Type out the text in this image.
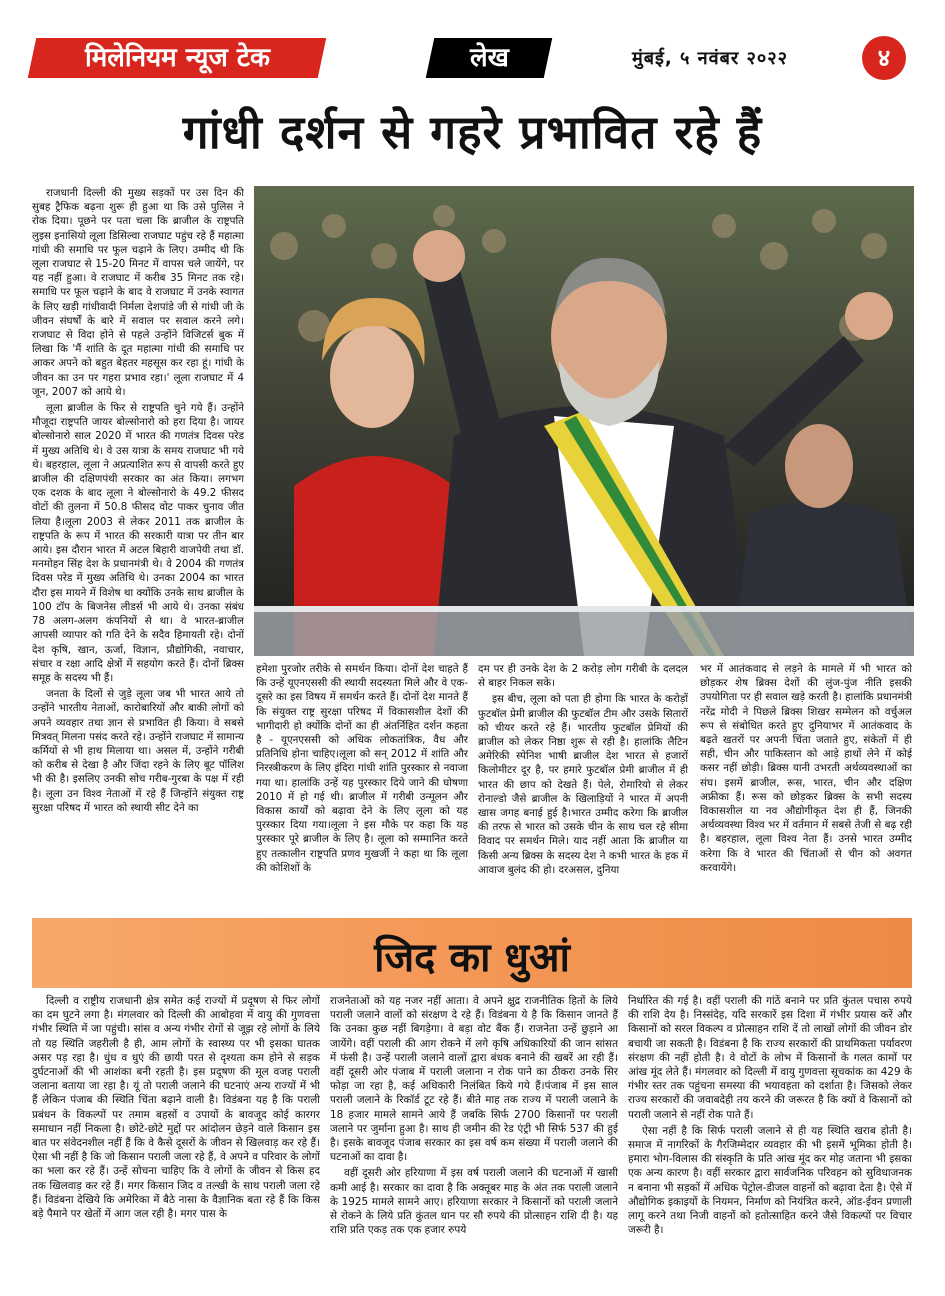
मिलेनियम न्यूज टेक	लेख	मुंबई, ५ नवंबर २०२२	४
गांधी दर्शन से गहरे प्रभावित रहे हैं

राजधानी दिल्ली की मुख्य सड़कों पर उस दिन की सुबह ट्रैफिक बढ़ना शुरू ही हुआ था कि उसे पुलिस ने रोक दिया। पूछने पर पता चला कि ब्राजील के राष्ट्रपति लुइस इनासियो लूला डिसिल्वा राजघाट पहुंच रहे हैं महात्मा गांधी की समाधि पर फूल चढ़ाने के लिए। उम्मीद थी कि लूला राजघाट से 15-20 मिनट में वापस चले जायेंगे, पर यह नहीं हुआ। वे राजघाट में करीब 35 मिनट तक रहे। समाधि पर फूल चढ़ाने के बाद वे राजघाट में उनके स्वागत के लिए खड़ी गांधीवादी निर्मला देशपांडे जी से गांधी जी के जीवन संघर्षों के बारे में सवाल पर सवाल करने लगे। राजघाट से विदा होने से पहले उन्होंने विजिटर्स बुक में लिखा कि 'मैं शांति के दूत महात्मा गांधी की समाधि पर आकर अपने को बहुत बेहतर महसूस कर रहा हूं। गांधी के जीवन का उन पर गहरा प्रभाव रहा।' लूला राजघाट में 4 जून, 2007 को आये थे।

लूला ब्राजील के फिर से राष्ट्रपति चुने गये हैं। उन्होंने मौजूदा राष्ट्रपति जायर बोल्सोनारो को हरा दिया है। जायर बोल्सोनारो साल 2020 में भारत की गणतंत्र दिवस परेड में मुख्य अतिथि थे। वे उस यात्रा के समय राजघाट भी गये थे। बहरहाल, लूला ने अप्रत्याशित रूप से वापसी करते हुए ब्राजील की दक्षिणपंथी सरकार का अंत किया। लगभग एक दशक के बाद लूला ने बोल्सोनारो के 49.2 फीसद वोटों की तुलना में 50.8 फीसद वोट पाकर चुनाव जीत लिया है।लूला 2003 से लेकर 2011 तक ब्राजील के राष्ट्रपति के रूप में भारत की सरकारी यात्रा पर तीन बार आये। इस दौरान भारत में अटल बिहारी वाजपेयी तथा डॉ. मनमोहन सिंह देश के प्रधानमंत्री थे। वे 2004 की गणतंत्र दिवस परेड में मुख्य अतिथि थे। उनका 2004 का भारत दौरा इस मायने में विशेष था क्योंकि उनके साथ ब्राजील के 100 टॉप के बिजनेस लीडर्स भी आये थे। उनका संबंध 78 अलग-अलग कंपनियों से था। वे भारत-ब्राजील आपसी व्यापार को गति देने के सदैव हिमायती रहे। दोनों देश कृषि, खान, ऊर्जा, विज्ञान, प्रौद्योगिकी, नवाचार, संचार व रक्षा आदि क्षेत्रों में सहयोग करते हैं। दोनों ब्रिक्स समूह के सदस्य भी हैं।

जनता के दिलों से जुड़े लूला जब भी भारत आये तो उन्होंने भारतीय नेताओं, कारोबारियों और बाकी लोगों को अपने व्यवहार तथा ज्ञान से प्रभावित ही किया। वे सबसे मित्रवत् मिलना पसंद करते रहे। उन्होंने राजघाट में सामान्य कर्मियों से भी हाथ मिलाया था। असल में, उन्होंने गरीबी को करीब से देखा है और जिंदा रहने के लिए बूट पॉलिश भी की है। इसलिए उनकी सोच गरीब-गुरबा के पक्ष में रही है। लूला उन विश्व नेताओं में रहे हैं जिन्होंने संयुक्त राष्ट्र सुरक्षा परिषद में भारत को स्थायी सीट देने का

हमेशा पुरजोर तरीके से समर्थन किया। दोनों देश चाहते हैं कि उन्हें यूएनएससी की स्थायी सदस्यता मिले और वे एक-दूसरे का इस विषय में समर्थन करते हैं। दोनों देश मानते हैं कि संयुक्त राष्ट्र सुरक्षा परिषद में विकासशील देशों की भागीदारी हो क्योंकि दोनों का ही अंतर्निहित दर्शन कहता है - यूएनएससी को अधिक लोकतांत्रिक, वैध और प्रतिनिधि होना चाहिए।लूला को सन् 2012 में शांति और निरस्त्रीकरण के लिए इंदिरा गांधी शांति पुरस्कार से नवाजा गया था। हालांकि उन्हें यह पुरस्कार दिये जाने की घोषणा 2010 में हो गई थी। ब्राजील में गरीबी उन्मूलन और विकास कार्यों को बढ़ावा देने के लिए लूला को यह पुरस्कार दिया गया।लूला ने इस मौके पर कहा कि यह पुरस्कार पूरे ब्राजील के लिए है। लूला को सम्मानित करते हुए तत्कालीन राष्ट्रपति प्रणव मुखर्जी ने कहा था कि लूला की कोशिशों के

दम पर ही उनके देश के 2 करोड़ लोग गरीबी के दलदल से बाहर निकल सके।

इस बीच, लूला को पता ही होगा कि भारत के करोड़ों फुटबॉल प्रेमी ब्राजील की फुटबॉल टीम और उसके सितारों को चीयर करते रहे हैं। भारतीय फुटबॉल प्रेमियों की ब्राजील को लेकर निष्ठा शुरू से रही है। हालांकि लैटिन अमेरिकी स्पेनिश भाषी ब्राजील देश भारत से हजारों किलोमीटर दूर है, पर हमारे फुटबॉल प्रेमी ब्राजील में ही भारत की छाप को देखते हैं। पेले, रोमारियो से लेकर रोनाल्डो जैसे ब्राजील के खिलाड़ियों ने भारत में अपनी खास जगह बनाई हुई है।भारत उम्मीद करेगा कि ब्राजील की तरफ से भारत को उसके चीन के साथ चल रहे सीमा विवाद पर समर्थन मिले। याद नहीं आता कि ब्राजील या किसी अन्य ब्रिक्स के सदस्य देश ने कभी भारत के हक में आवाज बुलंद की हो। दरअसल, दुनिया

भर में आतंकवाद से लड़ने के मामले में भी भारत को छोड़कर शेष ब्रिक्स देशों की लुंज-पुंज नीति इसकी उपयोगिता पर ही सवाल खड़े करती है। हालांकि प्रधानमंत्री नरेंद्र मोदी ने पिछले ब्रिक्स शिखर सम्मेलन को वर्चुअल रूप से संबोधित करते हुए दुनियाभर में आतंकवाद के बढ़ते खतरों पर अपनी चिंता जताते हुए, संकेतों में ही सही, चीन और पाकिस्तान को आड़े हाथों लेने में कोई कसर नहीं छोड़ी। ब्रिक्स यानी उभरती अर्थव्यवस्थाओं का संघ। इसमें ब्राजील, रूस, भारत, चीन और दक्षिण अफ्रीका हैं। रूस को छोड़कर ब्रिक्स के सभी सदस्य विकासशील या नव औद्योगीकृत देश ही हैं, जिनकी अर्थव्यवस्था विश्व भर में वर्तमान में सबसे तेजी से बढ़ रही है। बहरहाल, लूला विश्व नेता हैं। उनसे भारत उम्मीद करेगा कि वे भारत की चिंताओं से चीन को अवगत करवायेंगे।

जिद का धुआं

दिल्ली व राष्ट्रीय राजधानी क्षेत्र समेत कई राज्यों में प्रदूषण से फिर लोगों का दम घुटने लगा है। मंगलवार को दिल्ली की आबोहवा में वायु की गुणवत्ता गंभीर स्थिति में जा पहुंची। सांस व अन्य गंभीर रोगों से जूझ रहे लोगों के लिये तो यह स्थिति जहरीली है ही, आम लोगों के स्वास्थ्य पर भी इसका घातक असर पड़ रहा है। धुंध व धुएं की छायी परत से दृश्यता कम होने से सड़क दुर्घटनाओं की भी आशंका बनी रहती है। इस प्रदूषण की मूल वजह पराली जलाना बताया जा रहा है। यूं तो पराली जलाने की घटनाएं अन्य राज्यों में भी हैं लेकिन पंजाब की स्थिति चिंता बढ़ाने वाली है। विडंबना यह है कि पराली प्रबंधन के विकल्पों पर तमाम बहसों व उपायों के बावजूद कोई कारगर समाधान नहीं निकला है। छोटे-छोटे मुद्दों पर आंदोलन छेड़ने वाले किसान इस बात पर संवेदनशील नहीं हैं कि वे कैसे दूसरों के जीवन से खिलवाड़ कर रहे हैं। ऐसा भी नहीं है कि जो किसान पराली जला रहे हैं, वे अपने व परिवार के लोगों का भला कर रहे हैं। उन्हें सोचना चाहिए कि वे लोगों के जीवन से किस हद तक खिलवाड़ कर रहे हैं। मगर किसान जिद व तल्खी के साथ पराली जला रहे हैं। विडंबना देखिये कि अमेरिका में बैठे नासा के वैज्ञानिक बता रहे हैं कि किस बड़े पैमाने पर खेतों में आग जल रही है। मगर पास के

राजनेताओं को यह नजर नहीं आता। वे अपने क्षुद्र राजनीतिक हितों के लिये पराली जलाने वालों को संरक्षण दे रहे हैं। विडंबना ये है कि किसान जानते हैं कि उनका कुछ नहीं बिगड़ेगा। वे बड़ा वोट बैंक हैं। राजनेता उन्हें छुड़ाने आ जायेंगे। वहीं पराली की आग रोकने में लगे कृषि अधिकारियों की जान सांसत में फंसी है। उन्हें पराली जलाने वालों द्वारा बंधक बनाने की खबरें आ रही हैं। वहीं दूसरी ओर पंजाब में पराली जलाना न रोक पाने का ठीकरा उनके सिर फोड़ा जा रहा है, कई अधिकारी निलंबित किये गये हैं।पंजाब में इस साल पराली जलाने के रिकॉर्ड टूट रहे हैं। बीते माह तक राज्य में पराली जलाने के 18 हजार मामले सामने आये हैं जबकि सिर्फ 2700 किसानों पर पराली जलाने पर जुर्माना हुआ है। साथ ही जमीन की रेड एंट्री भी सिर्फ 537 की हुई है। इसके बावजूद पंजाब सरकार का इस वर्ष कम संख्या में पराली जलाने की घटनाओं का दावा है।

वहीं दूसरी ओर हरियाणा में इस वर्ष पराली जलाने की घटनाओं में खासी कमी आई है। सरकार का दावा है कि अक्तूबर माह के अंत तक पराली जलाने के 1925 मामले सामने आए। हरियाणा सरकार ने किसानों को पराली जलाने से रोकने के लिये प्रति कुंतल धान पर सौ रुपये की प्रोत्साहन राशि दी है। यह राशि प्रति एकड़ तक एक हजार रुपये

निर्धारित की गई है। वहीं पराली की गांठें बनाने पर प्रति कुंतल पचास रुपये की राशि देय है। निस्संदेह, यदि सरकारें इस दिशा में गंभीर प्रयास करें और किसानों को सरल विकल्प व प्रोत्साहन राशि दें तो लाखों लोगों की जीवन डोर बचायी जा सकती है। विडंबना है कि राज्य सरकारों की प्राथमिकता पर्यावरण संरक्षण की नहीं होती है। वे वोटों के लोभ में किसानों के गलत कामों पर आंख मूंद लेते हैं। मंगलवार को दिल्ली में वायु गुणवत्ता सूचकांक का 429 के गंभीर स्तर तक पहुंचना समस्या की भयावहता को दर्शाता है। जिसको लेकर राज्य सरकारों की जवाबदेही तय करने की जरूरत है कि क्यों वे किसानों को पराली जलाने से नहीं रोक पाते हैं।

ऐसा नहीं है कि सिर्फ पराली जलाने से ही यह स्थिति खराब होती है। समाज में नागरिकों के गैरजिम्मेदार व्यवहार की भी इसमें भूमिका होती है। हमारा भोग-विलास की संस्कृति के प्रति आंख मूंद कर मोह जताना भी इसका एक अन्य कारण है। वहीं सरकार द्वारा सार्वजनिक परिवहन को सुविधाजनक न बनाना भी सड़कों में अधिक पेट्रोल-डीजल वाहनों को बढ़ावा देता है। ऐसे में औद्योगिक इकाइयों के नियमन, निर्माण को नियंत्रित करने, ऑड-ईवन प्रणाली लागू करने तथा निजी वाहनों को हतोत्साहित करने जैसे विकल्पों पर विचार जरूरी है।
